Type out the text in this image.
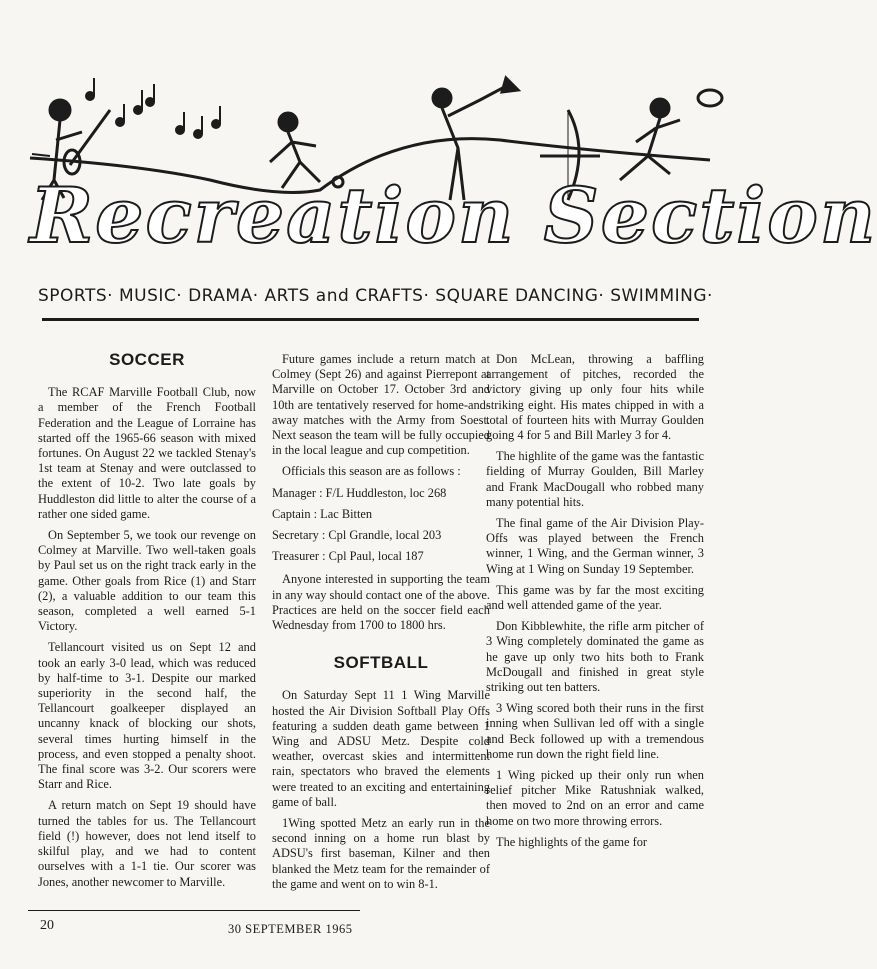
Recreation Section
SPORTS· MUSIC· DRAMA· ARTS and CRAFTS· SQUARE DANCING· SWIMMING·
SOCCER

The RCAF Marville Football Club, now a member of the French Football Federation and the League of Lorraine has started off the 1965-66 season with mixed fortunes. On August 22 we tackled Stenay's 1st team at Stenay and were outclassed to the extent of 10-2. Two late goals by Huddleston did little to alter the course of a rather one sided game.

On September 5, we took our revenge on Colmey at Marville. Two well-taken goals by Paul set us on the right track early in the game. Other goals from Rice (1) and Starr (2), a valuable addition to our team this season, completed a well earned 5-1 Victory.

Tellancourt visited us on Sept 12 and took an early 3-0 lead, which was reduced by half-time to 3-1. Despite our marked superiority in the second half, the Tellancourt goalkeeper displayed an uncanny knack of blocking our shots, several times hurting himself in the process, and even stopped a penalty shoot. The final score was 3-2. Our scorers were Starr and Rice.

A return match on Sept 19 should have turned the tables for us. The Tellancourt field (!) however, does not lend itself to skilful play, and we had to content ourselves with a 1-1 tie. Our scorer was Jones, another newcomer to Marville.

Future games include a return match at Colmey (Sept 26) and against Pierrepont at Marville on October 17. October 3rd and 10th are tentatively reserved for home-and-away matches with the Army from Soest. Next season the team will be fully occupied in the local league and cup competition.

Officials this season are as follows :

Manager : F/L Huddleston, loc 268
Captain : Lac Bitten
Secretary : Cpl Grandle, local 203
Treasurer : Cpl Paul, local 187

Anyone interested in supporting the team in any way should contact one of the above. Practices are held on the soccer field each Wednesday from 1700 to 1800 hrs.

SOFTBALL

On Saturday Sept 11 1 Wing Marville hosted the Air Division Softball Play Offs featuring a sudden death game between 1 Wing and ADSU Metz. Despite cold weather, overcast skies and intermittent rain, spectators who braved the elements were treated to an exciting and entertaining game of ball.

1Wing spotted Metz an early run in the second inning on a home run blast by ADSU's first baseman, Kilner and then blanked the Metz team for the remainder of the game and went on to win 8-1.

Don McLean, throwing a baffling arrangement of pitches, recorded the victory giving up only four hits while striking eight. His mates chipped in with a total of fourteen hits with Murray Goulden going 4 for 5 and Bill Marley 3 for 4.

The highlite of the game was the fantastic fielding of Murray Goulden, Bill Marley and Frank MacDougall who robbed many many potential hits.

The final game of the Air Division Play-Offs was played between the French winner, 1 Wing, and the German winner, 3 Wing at 1 Wing on Sunday 19 September.

This game was by far the most exciting and well attended game of the year.

Don Kibblewhite, the rifle arm pitcher of 3 Wing completely dominated the game as he gave up only two hits both to Frank McDougall and finished in great style striking out ten batters.

3 Wing scored both their runs in the first inning when Sullivan led off with a single and Beck followed up with a tremendous home run down the right field line.

1 Wing picked up their only run when relief pitcher Mike Ratushniak walked, then moved to 2nd on an error and came home on two more throwing errors.

The highlights of the game for

20	30 SEPTEMBER 1965
